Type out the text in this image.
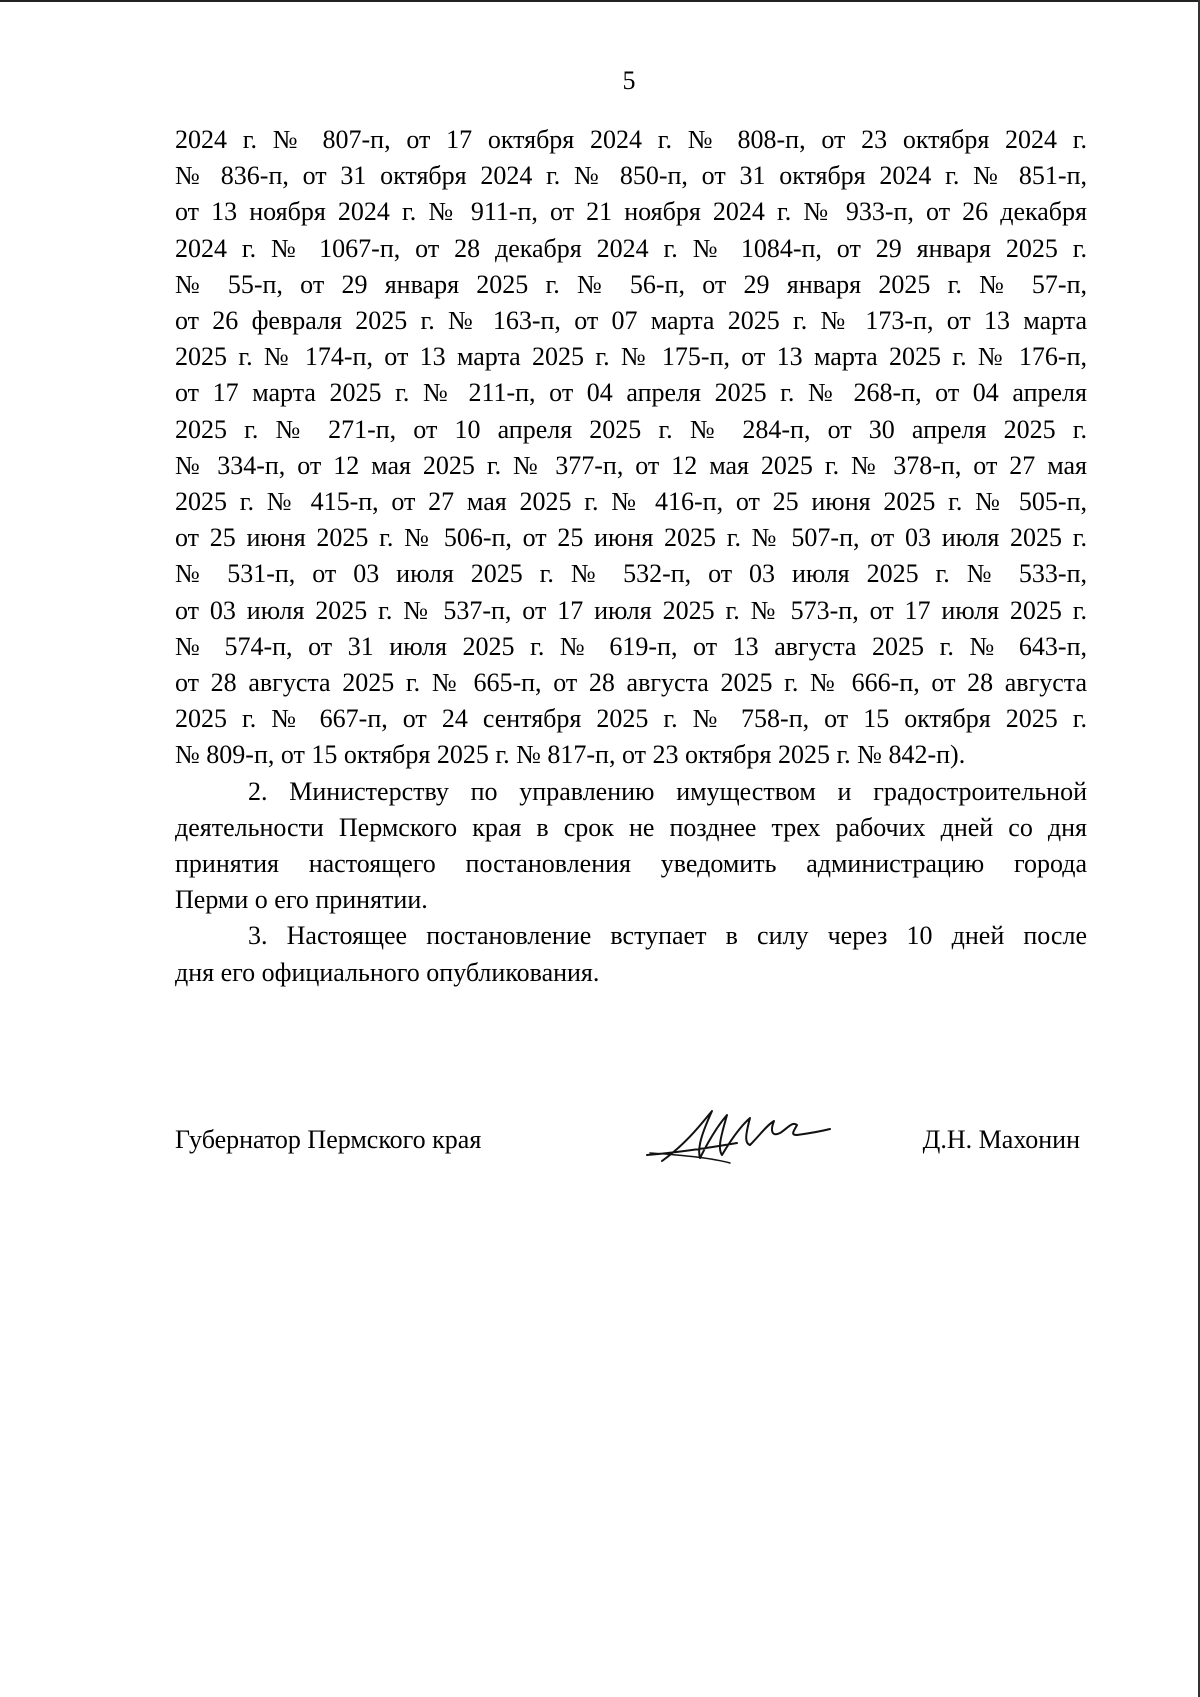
5
2024 г. № 807-п, от 17 октября 2024 г. № 808-п, от 23 октября 2024 г.
№ 836-п, от 31 октября 2024 г. № 850-п, от 31 октября 2024 г. № 851-п,
от 13 ноября 2024 г. № 911-п, от 21 ноября 2024 г. № 933-п, от 26 декабря
2024 г. № 1067-п, от 28 декабря 2024 г. № 1084-п, от 29 января 2025 г.
№ 55-п, от 29 января 2025 г. № 56-п, от 29 января 2025 г. № 57-п,
от 26 февраля 2025 г. № 163-п, от 07 марта 2025 г. № 173-п, от 13 марта
2025 г. № 174-п, от 13 марта 2025 г. № 175-п, от 13 марта 2025 г. № 176-п,
от 17 марта 2025 г. № 211-п, от 04 апреля 2025 г. № 268-п, от 04 апреля
2025 г. № 271-п, от 10 апреля 2025 г. № 284-п, от 30 апреля 2025 г.
№ 334-п, от 12 мая 2025 г. № 377-п, от 12 мая 2025 г. № 378-п, от 27 мая
2025 г. № 415-п, от 27 мая 2025 г. № 416-п, от 25 июня 2025 г. № 505-п,
от 25 июня 2025 г. № 506-п, от 25 июня 2025 г. № 507-п, от 03 июля 2025 г.
№ 531-п, от 03 июля 2025 г. № 532-п, от 03 июля 2025 г. № 533-п,
от 03 июля 2025 г. № 537-п, от 17 июля 2025 г. № 573-п, от 17 июля 2025 г.
№ 574-п, от 31 июля 2025 г. № 619-п, от 13 августа 2025 г. № 643-п,
от 28 августа 2025 г. № 665-п, от 28 августа 2025 г. № 666-п, от 28 августа
2025 г. № 667-п, от 24 сентября 2025 г. № 758-п, от 15 октября 2025 г.
№ 809-п, от 15 октября 2025 г. № 817-п, от 23 октября 2025 г. № 842-п).
2. Министерству по управлению имуществом и градостроительной
деятельности Пермского края в срок не позднее трех рабочих дней со дня
принятия настоящего постановления уведомить администрацию города
Перми о его принятии.
3. Настоящее постановление вступает в силу через 10 дней после
дня его официального опубликования.
Губернатор Пермского края	Д.Н. Махонин
